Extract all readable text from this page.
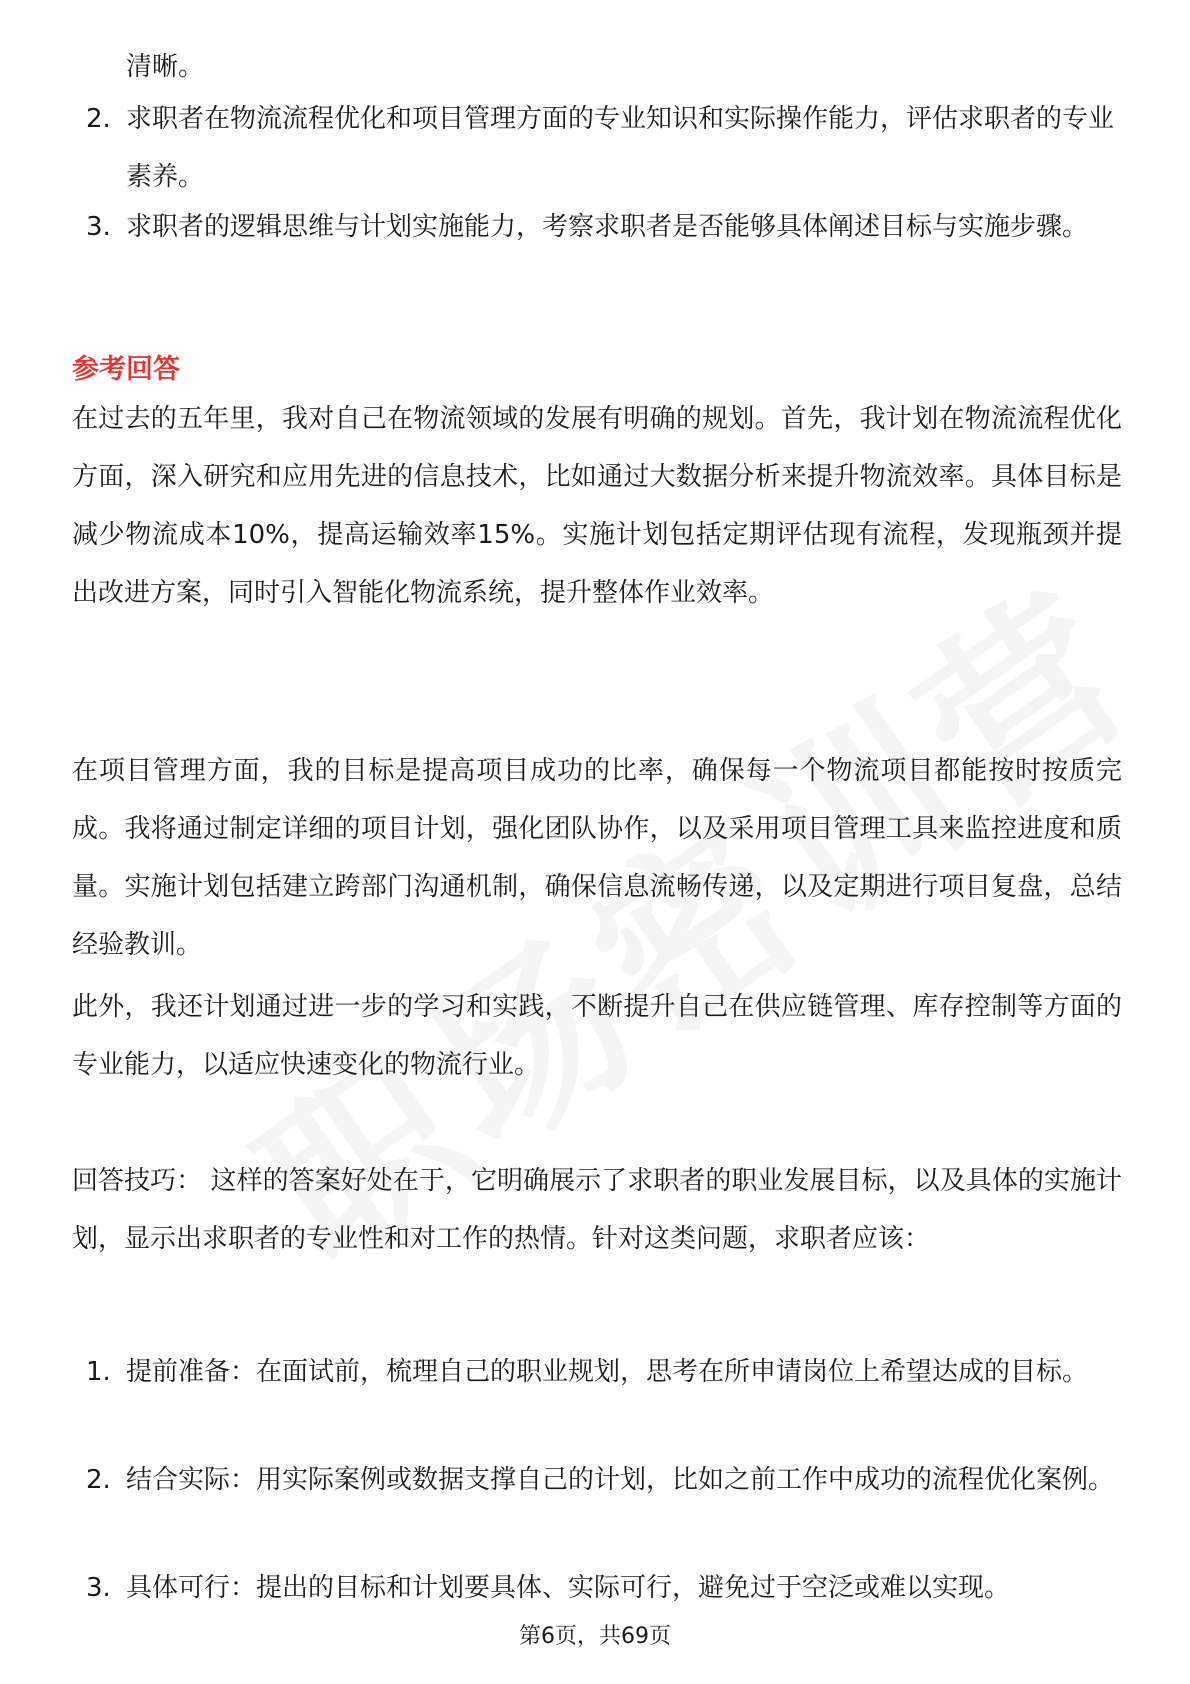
清晰。
2. 求职者在物流流程优化和项目管理方面的专业知识和实际操作能力，评估求职者的专业素养。
3. 求职者的逻辑思维与计划实施能力，考察求职者是否能够具体阐述目标与实施步骤。
参考回答

在过去的五年里，我对自己在物流领域的发展有明确的规划。首先，我计划在物流流程优化方面，深入研究和应用先进的信息技术，比如通过大数据分析来提升物流效率。具体目标是减少物流成本10%，提高运输效率15%。实施计划包括定期评估现有流程，发现瓶颈并提出改进方案，同时引入智能化物流系统，提升整体作业效率。

在项目管理方面，我的目标是提高项目成功的比率，确保每一个物流项目都能按时按质完成。我将通过制定详细的项目计划，强化团队协作，以及采用项目管理工具来监控进度和质量。实施计划包括建立跨部门沟通机制，确保信息流畅传递，以及定期进行项目复盘，总结经验教训。

此外，我还计划通过进一步的学习和实践，不断提升自己在供应链管理、库存控制等方面的专业能力，以适应快速变化的物流行业。

回答技巧： 这样的答案好处在于，它明确展示了求职者的职业发展目标，以及具体的实施计划，显示出求职者的专业性和对工作的热情。针对这类问题，求职者应该：

1. 提前准备：在面试前，梳理自己的职业规划，思考在所申请岗位上希望达成的目标。
2. 结合实际：用实际案例或数据支撑自己的计划，比如之前工作中成功的流程优化案例。
3. 具体可行：提出的目标和计划要具体、实际可行，避免过于空泛或难以实现。
第6页，共69页
